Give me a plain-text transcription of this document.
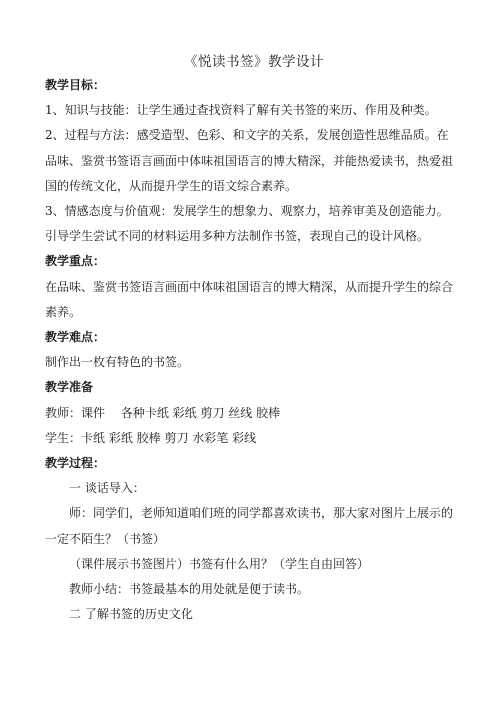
《悦读书签》教学设计

教学目标：

1、知识与技能：让学生通过查找资料了解有关书签的来历、作用及种类。

2、过程与方法：感受造型、色彩、和文字的关系，发展创造性思维品质。在品味、鉴赏书签语言画面中体味祖国语言的博大精深，并能热爱读书，热爱祖国的传统文化，从而提升学生的语文综合素养。

3、情感态度与价值观：发展学生的想象力、观察力，培养审美及创造能力。引导学生尝试不同的材料运用多种方法制作书签，表现自己的设计风格。

教学重点：

在品味、鉴赏书签语言画面中体味祖国语言的博大精深，从而提升学生的综合素养。

教学难点：

制作出一枚有特色的书签。

教学准备

教师：课件　 各种卡纸 彩纸 剪刀 丝线 胶棒

学生：卡纸 彩纸 胶棒 剪刀 水彩笔 彩线

教学过程：

一 谈话导入：

师：同学们，老师知道咱们班的同学都喜欢读书，那大家对图片上展示的一定不陌生？（书签）

（课件展示书签图片）书签有什么用？（学生自由回答）

教师小结：书签最基本的用处就是便于读书。

二 了解书签的历史文化
